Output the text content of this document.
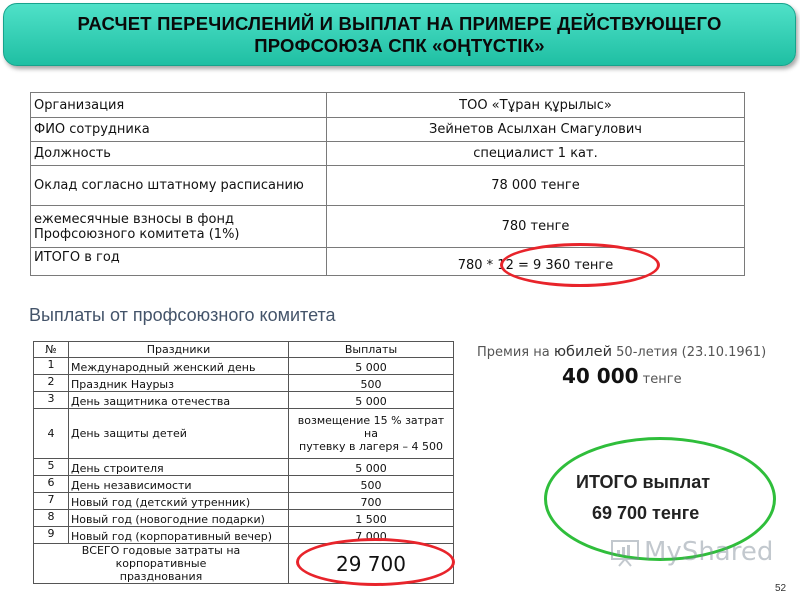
РАСЧЕТ ПЕРЕЧИСЛЕНИЙ И ВЫПЛАТ НА ПРИМЕРЕ ДЕЙСТВУЮЩЕГО
ПРОФСОЮЗА СПК «ОҢТҮСТІК»
Организация	ТОО «Тұран құрылыс»
ФИО сотрудника	Зейнетов Асылхан Смагулович
Должность	специалист 1 кат.
Оклад согласно штатному расписанию	78 000 тенге

ежемесячные взносы в фонд
Профсоюзного комитета (1%)	780 тенге
ИТОГО в год	780 * 12 = 9 360 тенге
Выплаты от профсоюзного комитета
№	Праздники	Выплаты
1	Международный женский день	5 000
2	Праздник Наурыз	500
3	День защитника отечества	5 000
4	День защиты детей	возмещение 15 % затрат на
путевку в лагеря – 4 500

5	День строителя	5 000
6	День независимости	500
7	Новый год (детский утренник)	700
8	Новый год (новогодние подарки)	1 500
9	Новый год (корпоративный вечер)	7 000

ВСЕГО годовые затраты на корпоративные
празднования		29 700
Премия на юбилей 50-летия (23.10.1961)
40 000 тенге
ИТОГО выплат
69 700 тенге
MyShared
52
